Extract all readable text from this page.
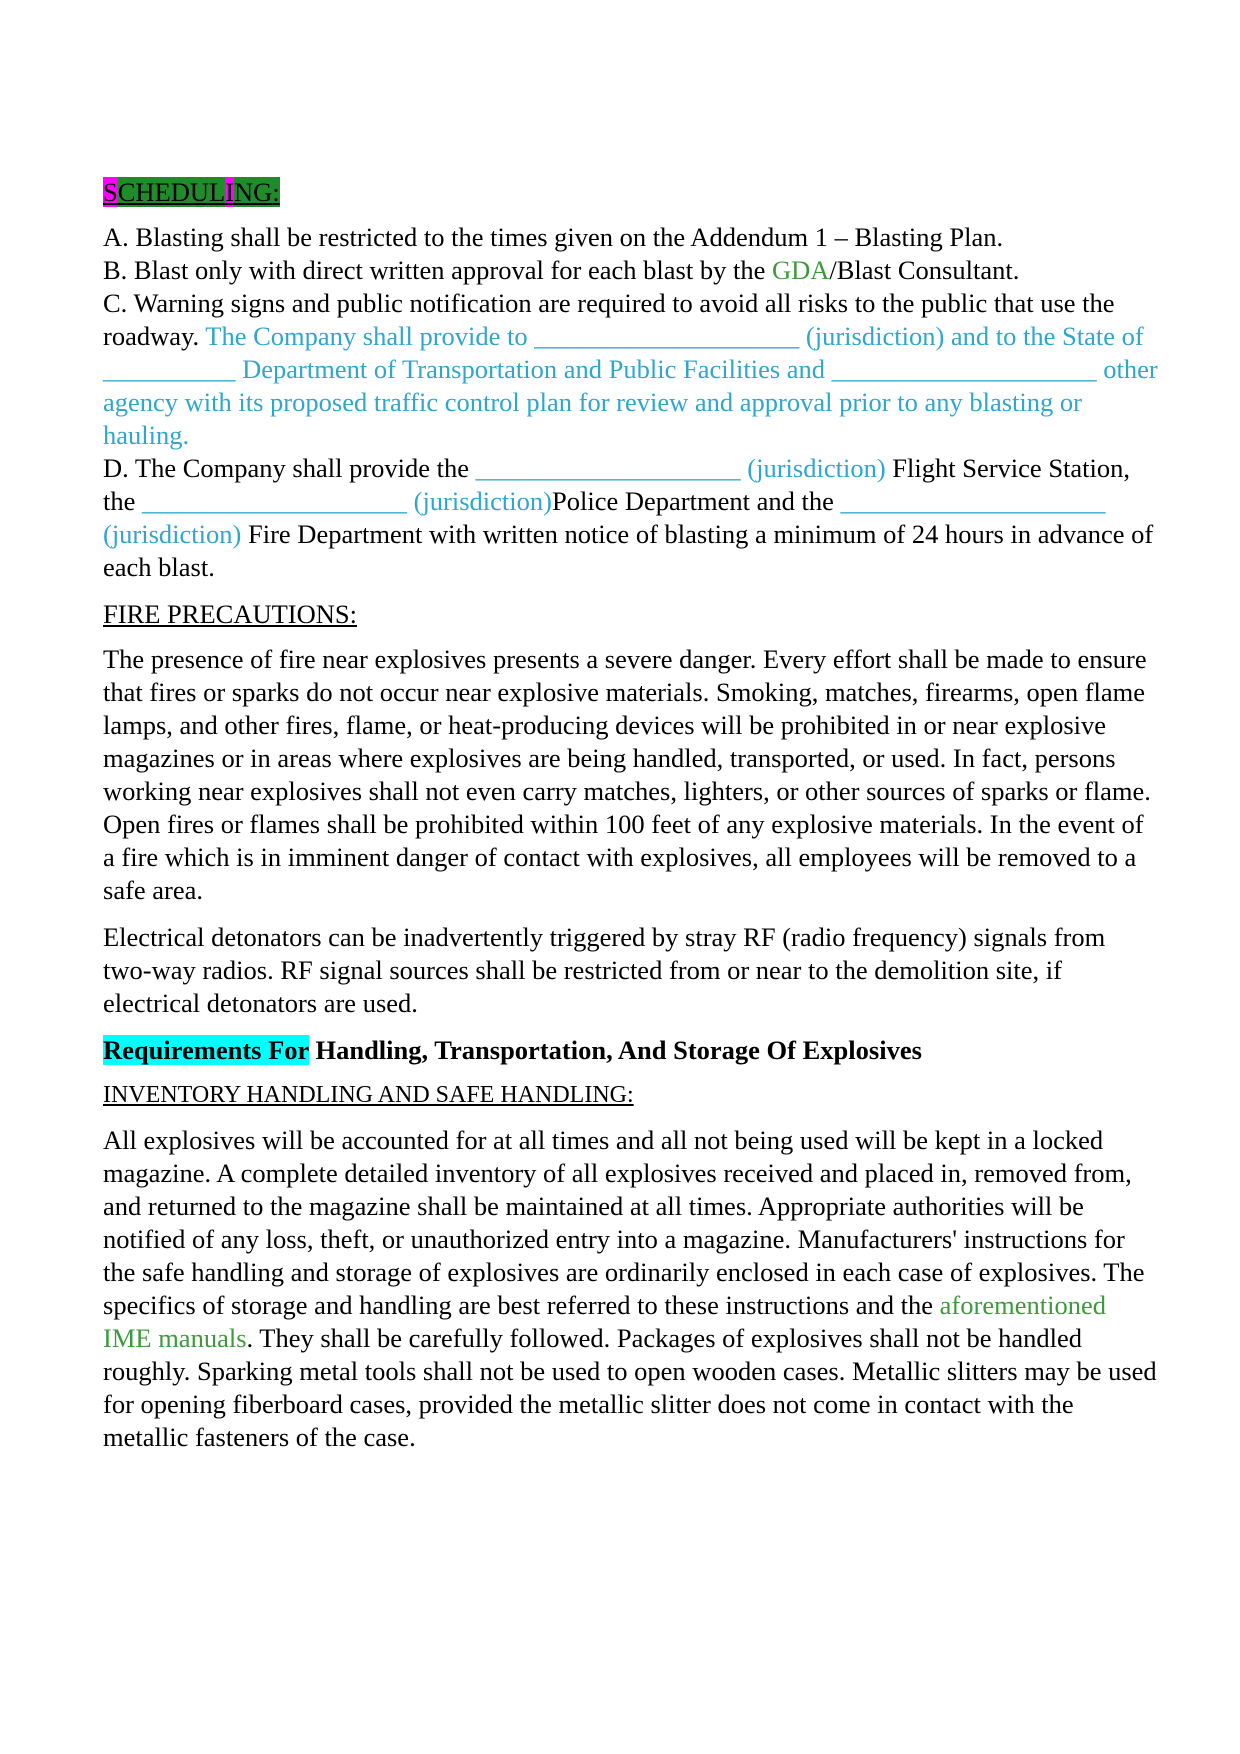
SCHEDULING:

A. Blasting shall be restricted to the times given on the Addendum 1 – Blasting Plan.

B. Blast only with direct written approval for each blast by the GDA/Blast Consultant.

C. Warning signs and public notification are required to avoid all risks to the public that use the roadway. The Company shall provide to ____________________ (jurisdiction) and to the State of __________ Department of Transportation and Public Facilities and ____________________ other agency with its proposed traffic control plan for review and approval prior to any blasting or hauling.

D. The Company shall provide the ____________________ (jurisdiction) Flight Service Station, the ____________________ (jurisdiction)Police Department and the ____________________ (jurisdiction) Fire Department with written notice of blasting a minimum of 24 hours in advance of each blast.

FIRE PRECAUTIONS:

The presence of fire near explosives presents a severe danger. Every effort shall be made to ensure that fires or sparks do not occur near explosive materials. Smoking, matches, firearms, open flame lamps, and other fires, flame, or heat-producing devices will be prohibited in or near explosive magazines or in areas where explosives are being handled, transported, or used. In fact, persons working near explosives shall not even carry matches, lighters, or other sources of sparks or flame. Open fires or flames shall be prohibited within 100 feet of any explosive materials. In the event of a fire which is in imminent danger of contact with explosives, all employees will be removed to a safe area.

Electrical detonators can be inadvertently triggered by stray RF (radio frequency) signals from two-way radios. RF signal sources shall be restricted from or near to the demolition site, if electrical detonators are used.

Requirements For Handling, Transportation, And Storage Of Explosives

INVENTORY HANDLING AND SAFE HANDLING:

All explosives will be accounted for at all times and all not being used will be kept in a locked magazine. A complete detailed inventory of all explosives received and placed in, removed from, and returned to the magazine shall be maintained at all times. Appropriate authorities will be notified of any loss, theft, or unauthorized entry into a magazine. Manufacturers' instructions for the safe handling and storage of explosives are ordinarily enclosed in each case of explosives. The specifics of storage and handling are best referred to these instructions and the aforementioned IME manuals. They shall be carefully followed. Packages of explosives shall not be handled roughly. Sparking metal tools shall not be used to open wooden cases. Metallic slitters may be used for opening fiberboard cases, provided the metallic slitter does not come in contact with the metallic fasteners of the case.
